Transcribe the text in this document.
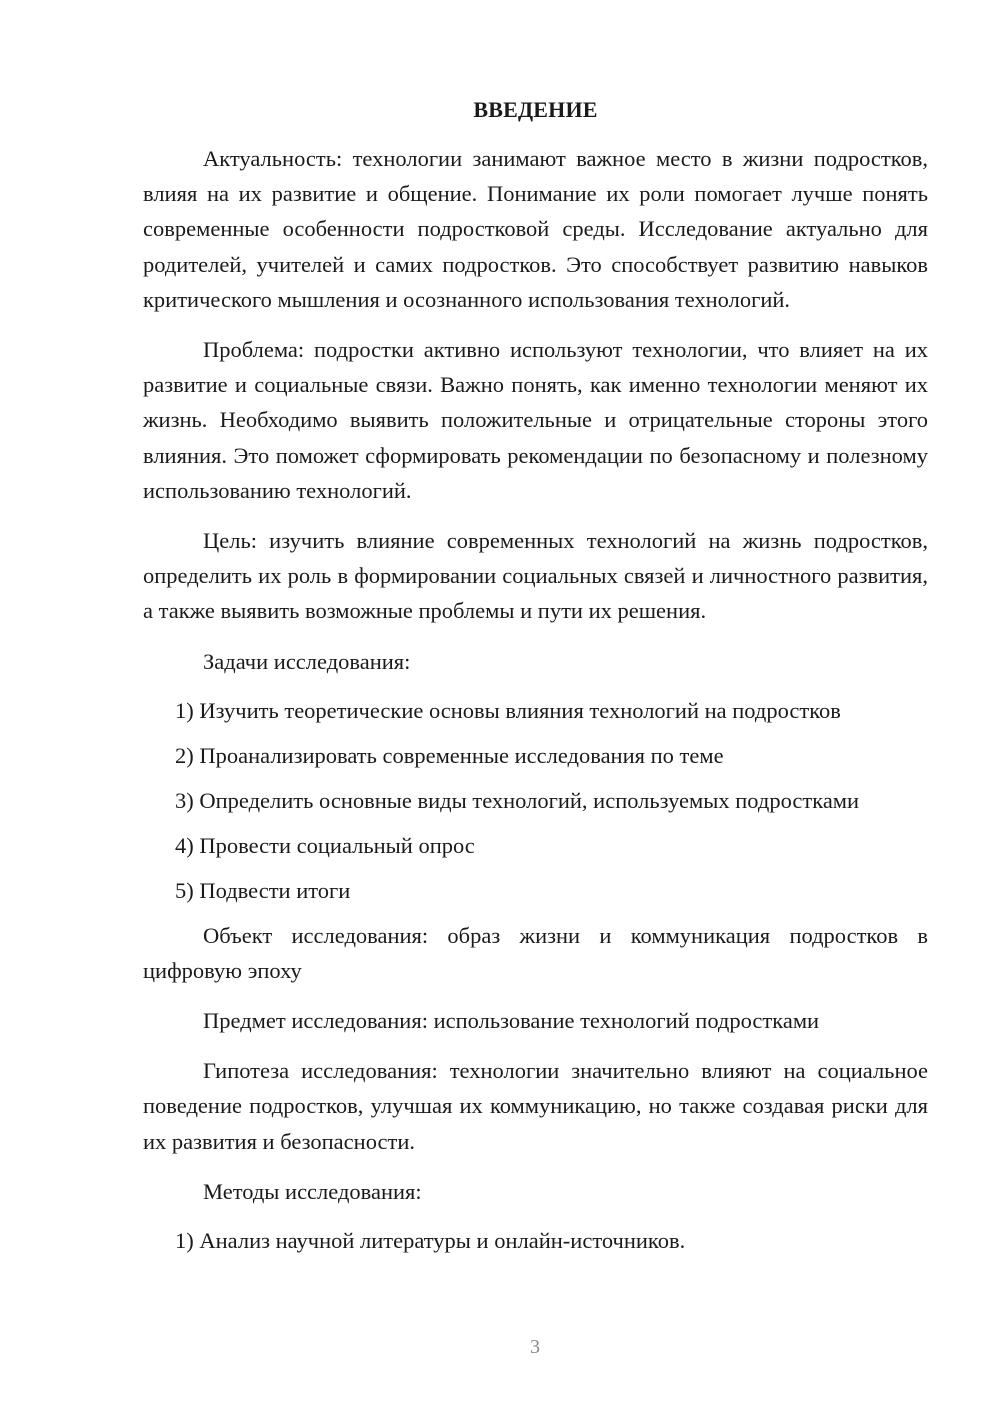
ВВЕДЕНИЕ

Актуальность: технологии занимают важное место в жизни подростков, влияя на их развитие и общение. Понимание их роли помогает лучше понять современные особенности подростковой среды. Исследование актуально для родителей, учителей и самих подростков. Это способствует развитию навыков критического мышления и осознанного использования технологий.

Проблема: подростки активно используют технологии, что влияет на их развитие и социальные связи. Важно понять, как именно технологии меняют их жизнь. Необходимо выявить положительные и отрицательные стороны этого влияния. Это поможет сформировать рекомендации по безопасному и полезному использованию технологий.

Цель: изучить влияние современных технологий на жизнь подростков, определить их роль в формировании социальных связей и личностного развития, а также выявить возможные проблемы и пути их решения.

Задачи исследования:

1) Изучить теоретические основы влияния технологий на подростков
2) Проанализировать современные исследования по теме
3) Определить основные виды технологий, используемых подростками
4) Провести социальный опрос
5) Подвести итоги

Объект исследования: образ жизни и коммуникация подростков в цифровую эпоху

Предмет исследования: использование технологий подростками

Гипотеза исследования: технологии значительно влияют на социальное поведение подростков, улучшая их коммуникацию, но также создавая риски для их развития и безопасности.

Методы исследования:

1) Анализ научной литературы и онлайн-источников.
3
